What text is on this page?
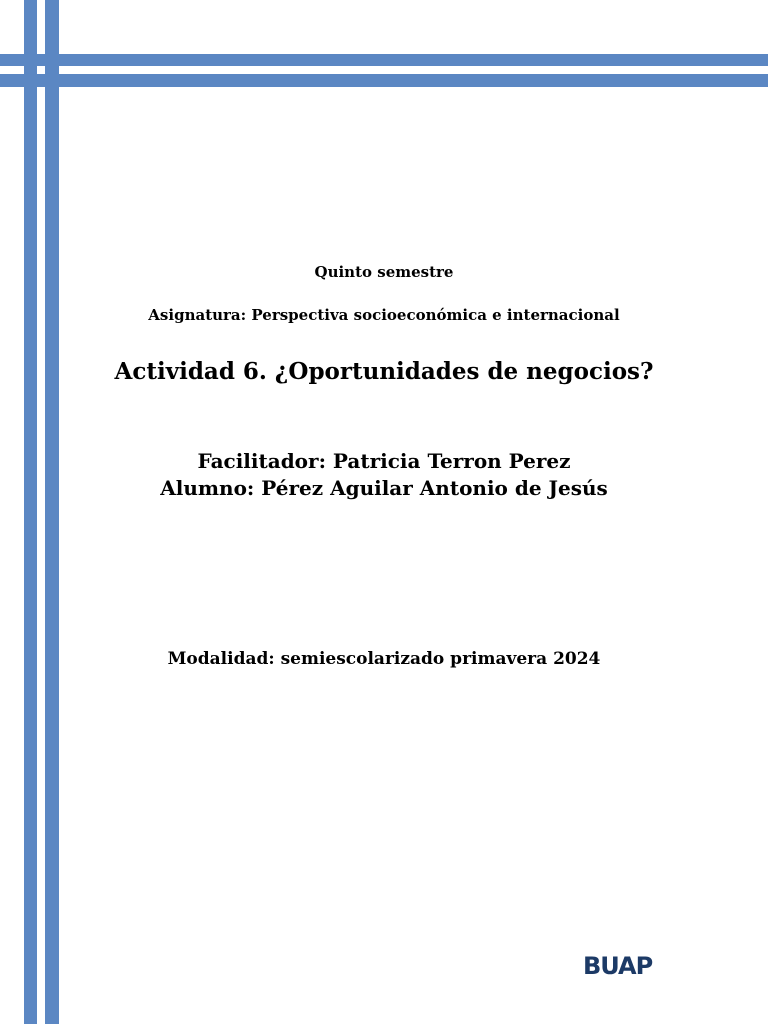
Quinto semestre
Asignatura: Perspectiva socioeconómica e internacional
Actividad 6. ¿Oportunidades de negocios?
Facilitador: Patricia Terron Perez
Alumno: Pérez Aguilar Antonio de Jesús
Modalidad: semiescolarizado primavera 2024
BUAP
